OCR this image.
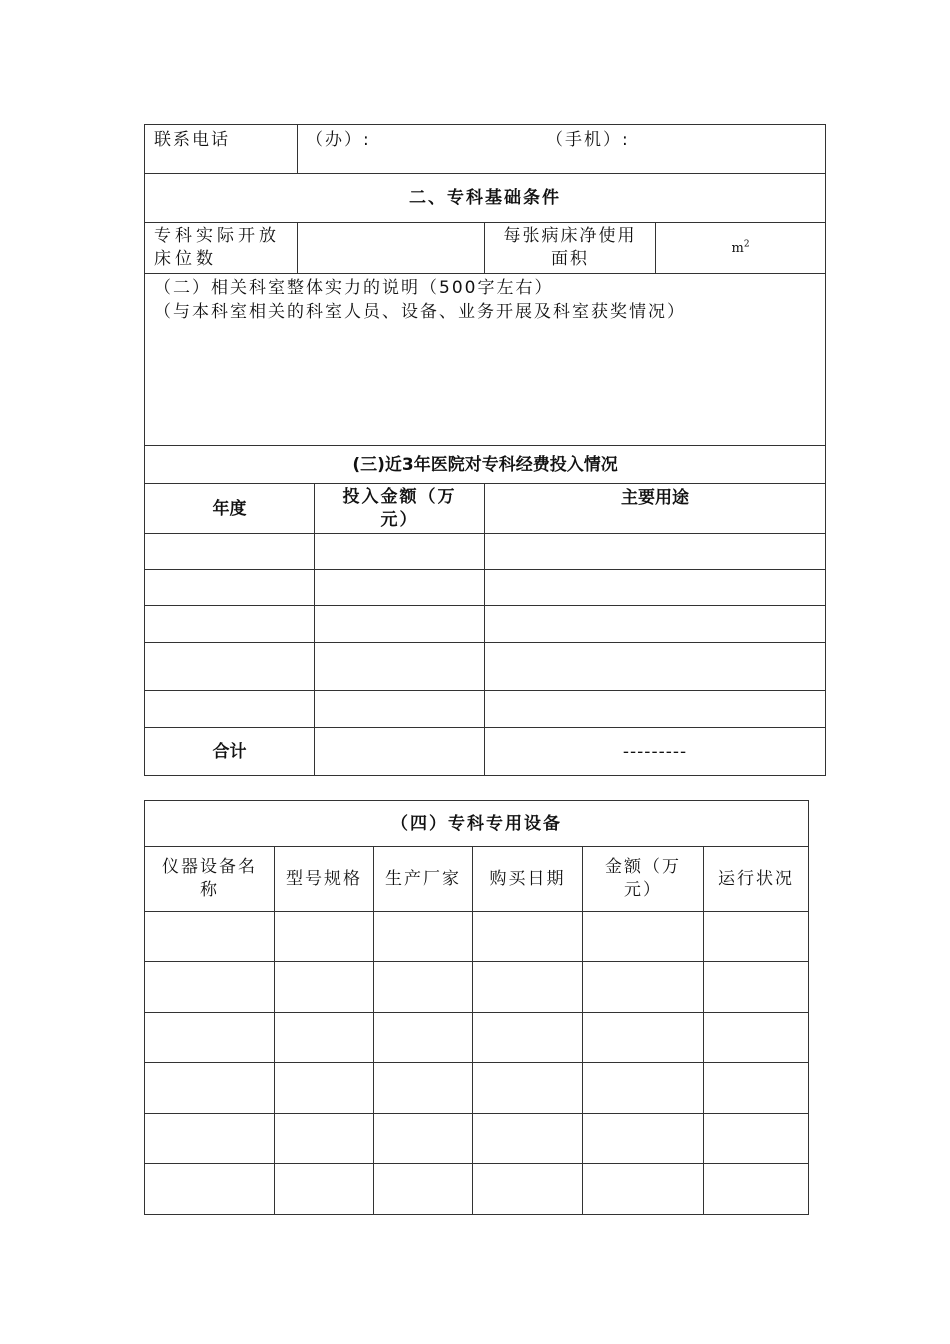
联系电话	（办）: （手机）:			
二、专科基础条件				
专科实际开放床位数			每张病床净使用面积	$m^2$

（二）相关科室整体实力的说明（500字左右）
（与本科室相关的科室人员、设备、业务开展及科室获奖情况）				

(三)近3年医院对专科经费投入情况				
年度		投入金额（万元）	主要用途	

合计			---------	
（四）专科专用设备					
仪器设备名称	型号规格	生产厂家	购买日期	金额（万元）	运行状况
